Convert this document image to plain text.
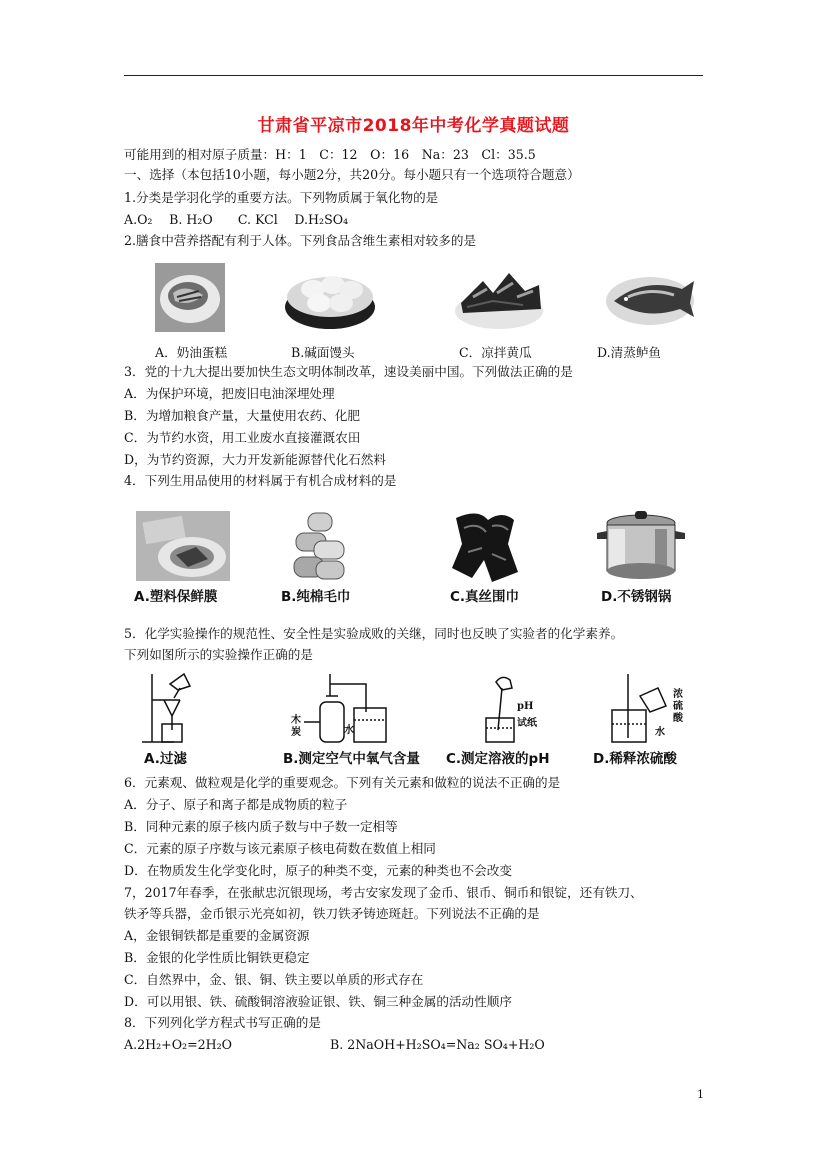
甘肃省平凉市2018年中考化学真题试题
可能用到的相对原子质量：H：1　C：12　O：16　Na：23　Cl：35.5
一、选择（本包括10小题，每小题2分，共20分。每小题只有一个选项符合题意）
1.分类是学羽化学的重要方法。下列物质属于氧化物的是
A.O₂　 B. H₂O　　C. KCl　 D.H₂SO₄
2.膳食中营养搭配有利于人体。下列食品含维生素相对较多的是
A．奶油蛋糕	B.碱面馒头	C．凉拌黄瓜	D.清蒸鲈鱼
3．党的十九大提出要加快生态文明体制改革，速设美丽中国。下列做法正确的是
A．为保护环境，把废旧电油深埋处理
B．为增加粮食产量，大量使用农药、化肥
C．为节约水资，用工业废水直接灌溉农田
D，为节约资源，大力开发新能源替代化石然料
4．下列生用品使用的材料属于有机合成材料的是
A.塑料保鲜膜	B.纯棉毛巾	C.真丝围巾	D.不锈钢锅
5．化学实验操作的规范性、安全性是实验成败的关继，同时也反映了实验者的化学素养。
下列如图所示的实验操作正确的是
木
炭	水
pH
试纸
浓
硫
酸
水
A.过滤	B.测定空气中氧气含量 C.测定溶液的pH	D.稀释浓硫酸
6．元素观、做粒观是化学的重要观念。下列有关元素和做粒的说法不正确的是
A．分子、原子和离子都是成物质的粒子
B．同种元素的原子核内质子数与中子数一定相等
C．元素的原子序数与该元素原子核电荷数在数值上相同
D．在物质发生化学变化时，原子的种类不变，元素的种类也不会改变
7，2017年春季，在张献忠沉银现场，考古安家发现了金币、银币、铜币和银锭，还有铁刀、
铁矛等兵器，金币银示光亮如初，铁刀铁矛铸迹斑赶。下列说法不正确的是
A，金银铜铁都是重要的金属资源
B．金银的化学性质比铜铁更稳定
C．自然界中，金、银、铜、铁主要以单质的形式存在
D．可以用银、铁、硫酸铜溶液验证银、铁、铜三种金属的活动性顺序
8．下列列化学方程式书写正确的是
A.2H₂+O₂=2H₂O	B. 2NaOH+H₂SO₄=Na₂ SO₄+H₂O
1
